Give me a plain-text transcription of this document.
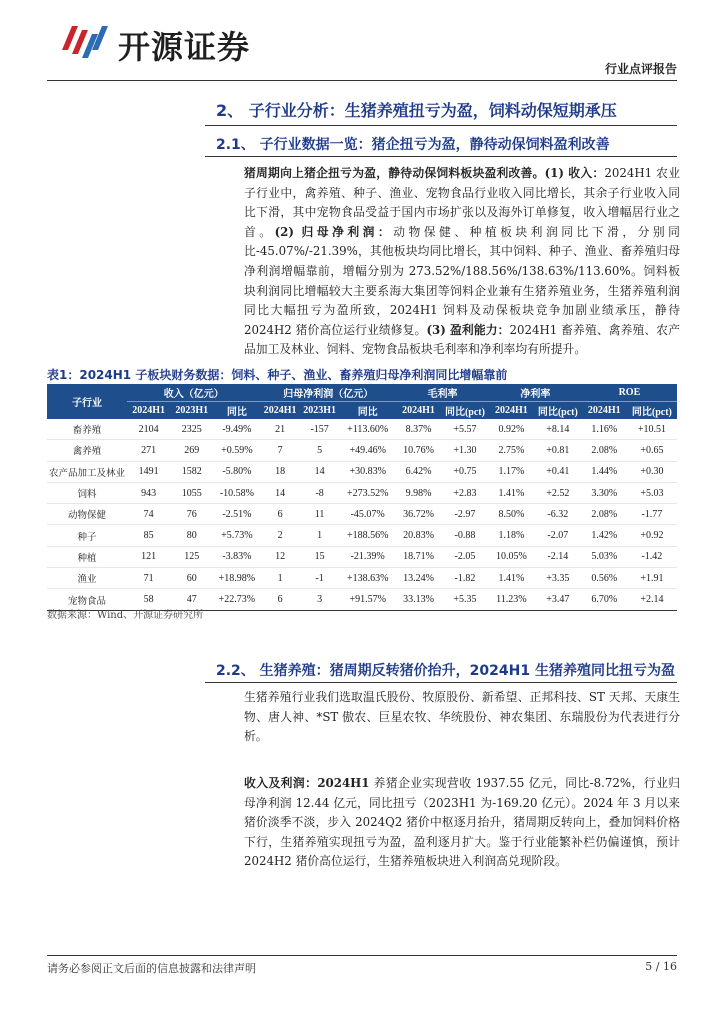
开源证券
行业点评报告
2、 子行业分析：生猪养殖扭亏为盈，饲料动保短期承压
2.1、 子行业数据一览：猪企扭亏为盈，静待动保饲料盈利改善
猪周期向上猪企扭亏为盈，静待动保饲料板块盈利改善。(1) 收入：2024H1 农业子行业中，禽养殖、种子、渔业、宠物食品行业收入同比增长，其余子行业收入同比下滑，其中宠物食品受益于国内市场扩张以及海外订单修复，收入增幅居行业之首。(2) 归母净利润：动物保健、种植板块利润同比下滑，分别同比-45.07%/-21.39%，其他板块均同比增长，其中饲料、种子、渔业、畜养殖归母净利润增幅靠前，增幅分别为 273.52%/188.56%/138.63%/113.60%。饲料板块利润同比增幅较大主要系海大集团等饲料企业兼有生猪养殖业务，生猪养殖利润同比大幅扭亏为盈所致，2024H1 饲料及动保板块竞争加剧业绩承压，静待 2024H2 猪价高位运行业绩修复。(3) 盈利能力：2024H1 畜养殖、禽养殖、农产品加工及林业、饲料、宠物食品板块毛利率和净利率均有所提升。
表1：2024H1 子板块财务数据：饲料、种子、渔业、畜养殖归母净利润同比增幅靠前
子行业	收入（亿元）			归母净利润（亿元）			毛利率		净利率		ROE	
	2024H1	2023H1	同比	2024H1	2023H1	同比	2024H1	同比(pct)	2024H1	同比(pct)	2024H1	同比(pct)
畜养殖	2104	2325	-9.49%	21	-157	+113.60%	8.37%	+5.57	0.92%	+8.14	1.16%	+10.51
禽养殖	271	269	+0.59%	7	5	+49.46%	10.76%	+1.30	2.75%	+0.81	2.08%	+0.65
农产品加工及林业	1491	1582	-5.80%	18	14	+30.83%	6.42%	+0.75	1.17%	+0.41	1.44%	+0.30
饲料	943	1055	-10.58%	14	-8	+273.52%	9.98%	+2.83	1.41%	+2.52	3.30%	+5.03
动物保健	74	76	-2.51%	6	11	-45.07%	36.72%	-2.97	8.50%	-6.32	2.08%	-1.77
种子	85	80	+5.73%	2	1	+188.56%	20.83%	-0.88	1.18%	-2.07	1.42%	+0.92
种植	121	125	-3.83%	12	15	-21.39%	18.71%	-2.05	10.05%	-2.14	5.03%	-1.42
渔业	71	60	+18.98%	1	-1	+138.63%	13.24%	-1.82	1.41%	+3.35	0.56%	+1.91
宠物食品	58	47	+22.73%	6	3	+91.57%	33.13%	+5.35	11.23%	+3.47	6.70%	+2.14
数据来源：Wind、开源证券研究所
2.2、 生猪养殖：猪周期反转猪价抬升，2024H1 生猪养殖同比扭亏为盈
生猪养殖行业我们选取温氏股份、牧原股份、新希望、正邦科技、ST 天邦、天康生物、唐人神、*ST 傲农、巨星农牧、华统股份、神农集团、东瑞股份为代表进行分析。
收入及利润：2024H1 养猪企业实现营收 1937.55 亿元，同比-8.72%，行业归母净利润 12.44 亿元，同比扭亏（2023H1 为-169.20 亿元）。2024 年 3 月以来猪价淡季不淡，步入 2024Q2 猪价中枢逐月抬升，猪周期反转向上，叠加饲料价格下行，生猪养殖实现扭亏为盈，盈利逐月扩大。鉴于行业能繁补栏仍偏谨慎，预计 2024H2 猪价高位运行，生猪养殖板块进入利润高兑现阶段。
请务必参阅正文后面的信息披露和法律声明	5 / 16
